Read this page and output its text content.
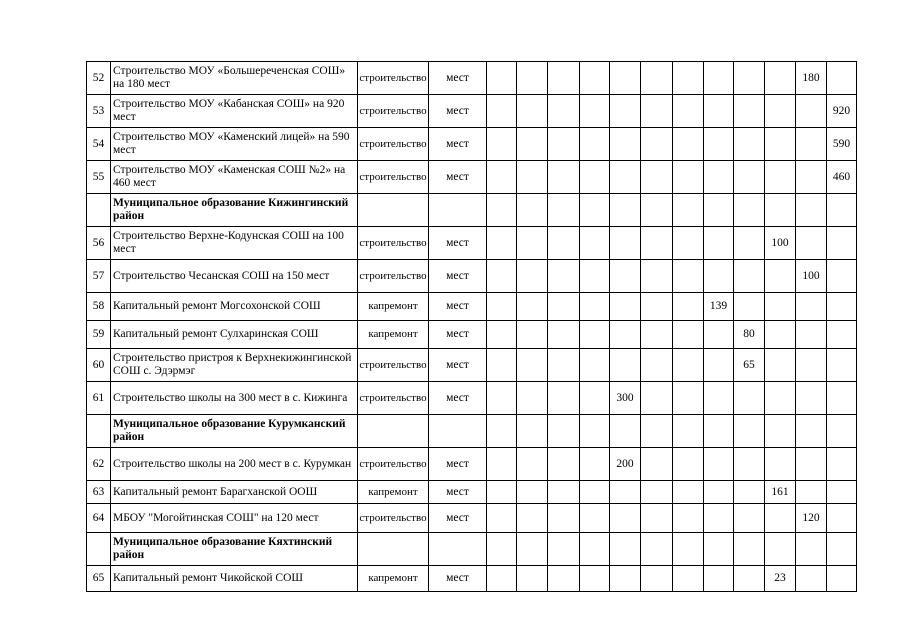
52	Строительство МОУ «Большереченская СОШ» на 180 мест	строительство	мест											180	
53	Строительство МОУ «Кабанская СОШ» на 920 мест	строительство	мест												920
54	Строительство МОУ «Каменский лицей» на 590 мест	строительство	мест												590
55	Строительство МОУ «Каменская СОШ №2» на 460 мест	строительство	мест												460
	Муниципальное образование Кижингинский район														
56	Строительство Верхне-Кодунская СОШ на 100 мест	строительство	мест										100		
57	Строительство Чесанская СОШ на 150 мест	строительство	мест											100	
58	Капитальный ремонт Могсохонской СОШ	капремонт	мест								139				
59	Капитальный ремонт Сулхаринская СОШ	капремонт	мест									80			
60	Строительство пристроя к Верхнекижингинской СОШ с. Эдэрмэг	строительство	мест									65			
61	Строительство школы на 300 мест в с. Кижинга	строительство	мест					300							
	Муниципальное образование Курумканский район														
62	Строительство школы на 200 мест в с. Курумкан	строительство	мест					200							
63	Капитальный ремонт Барагханской ООШ	капремонт	мест										161		
64	МБОУ "Могойтинская СОШ" на 120 мест	строительство	мест											120	
	Муниципальное образование Кяхтинский район														
65	Капитальный ремонт Чикойской СОШ	капремонт	мест										23		
